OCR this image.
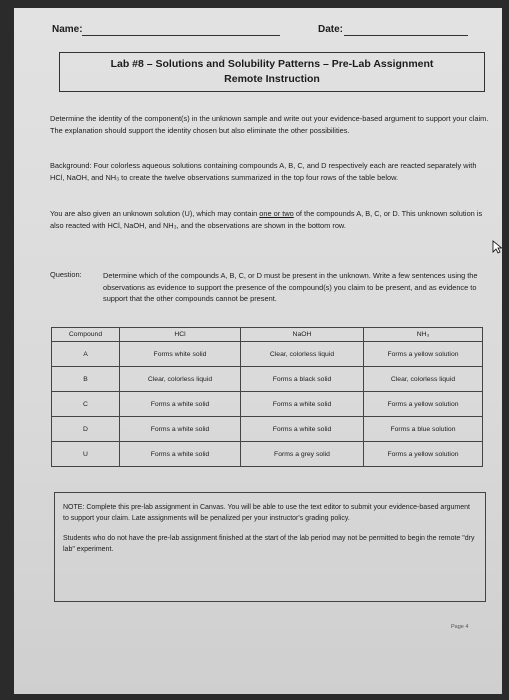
Name:	Date:
Lab #8 – Solutions and Solubility Patterns – Pre-Lab Assignment
Remote Instruction
Determine the identity of the component(s) in the unknown sample and write out your evidence-based argument to support your claim. The explanation should support the identity chosen but also eliminate the other possibilities.
Background: Four colorless aqueous solutions containing compounds A, B, C, and D respectively each are reacted separately with HCl, NaOH, and NH₃ to create the twelve observations summarized in the top four rows of the table below.
You are also given an unknown solution (U), which may contain one or two of the compounds A, B, C, or D. This unknown solution is also reacted with HCl, NaOH, and NH₃, and the observations are shown in the bottom row.
Question:	Determine which of the compounds A, B, C, or D must be present in the unknown. Write a few sentences using the observations as evidence to support the presence of the compound(s) you claim to be present, and as evidence to support that the other compounds cannot be present.
Compound	HCl	NaOH	NH₃
A	Forms white solid	Clear, colorless liquid	Forms a yellow solution
B	Clear, colorless liquid	Forms a black solid	Clear, colorless liquid
C	Forms a white solid	Forms a white solid	Forms a yellow solution
D	Forms a white solid	Forms a white solid	Forms a blue solution
U	Forms a white solid	Forms a grey solid	Forms a yellow solution
NOTE: Complete this pre-lab assignment in Canvas. You will be able to use the text editor to submit your evidence-based argument to support your claim. Late assignments will be penalized per your instructor's grading policy.
Students who do not have the pre-lab assignment finished at the start of the lab period may not be permitted to begin the remote "dry lab" experiment.
Page 4
